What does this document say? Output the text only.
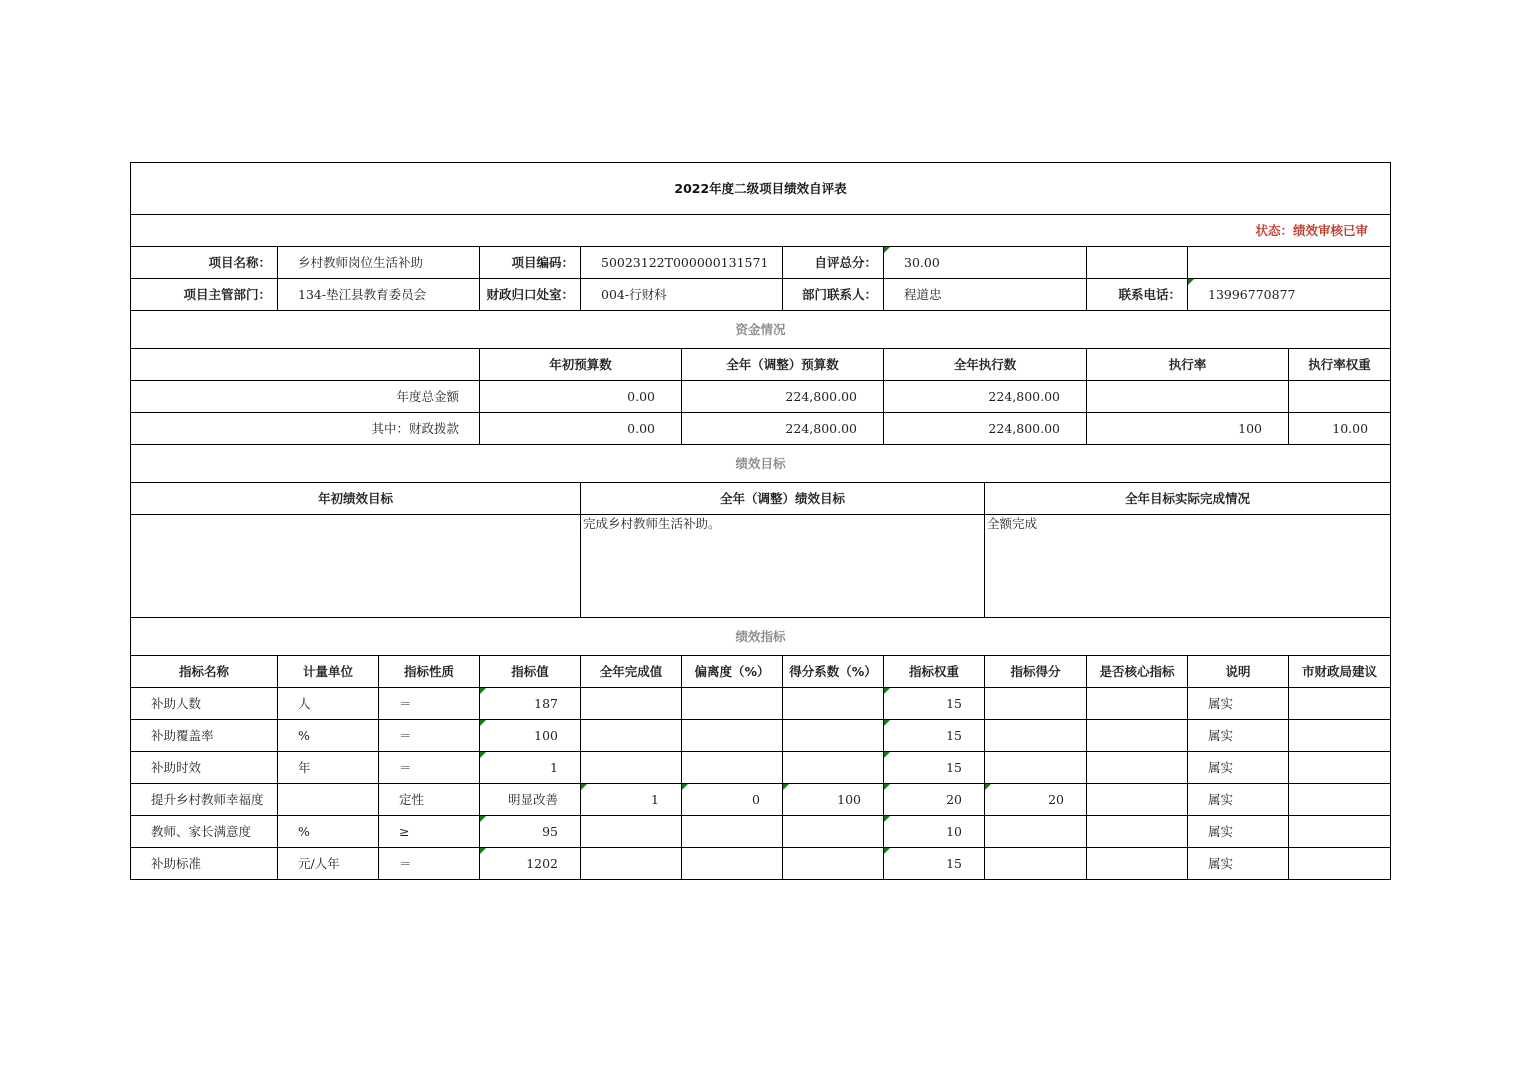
2022年度二级项目绩效自评表												
状态：绩效审核已审												
项目名称：	乡村教师岗位生活补助		项目编码：	50023122T000000131571		自评总分：	30.00					
项目主管部门：	134-垫江县教育委员会		财政归口处室：	004-行财科		部门联系人：	程道忠		联系电话：	13996770877		
资金情况												
			年初预算数		全年（调整）预算数		全年执行数		执行率		执行率权重	
年度总金额			0.00		224,800.00		224,800.00					
其中：财政拨款			0.00		224,800.00		224,800.00		100		10.00	
绩效目标												
年初绩效目标				全年（调整）绩效目标				全年目标实际完成情况				
				完成乡村教师生活补助。				全额完成				
绩效指标												
指标名称	计量单位	指标性质	指标值	全年完成值	偏离度（%）	得分系数（%）	指标权重	指标得分	是否核心指标	说明	市财政局建议	
补助人数	人	＝	187				15			属实		
补助覆盖率	%	＝	100				15			属实		
补助时效	年	＝	1				15			属实		
提升乡村教师幸福度		定性	明显改善	1	0	100	20	20		属实		
教师、家长满意度	%	≥	95				10			属实		
补助标准	元/人年	＝	1202				15			属实		
